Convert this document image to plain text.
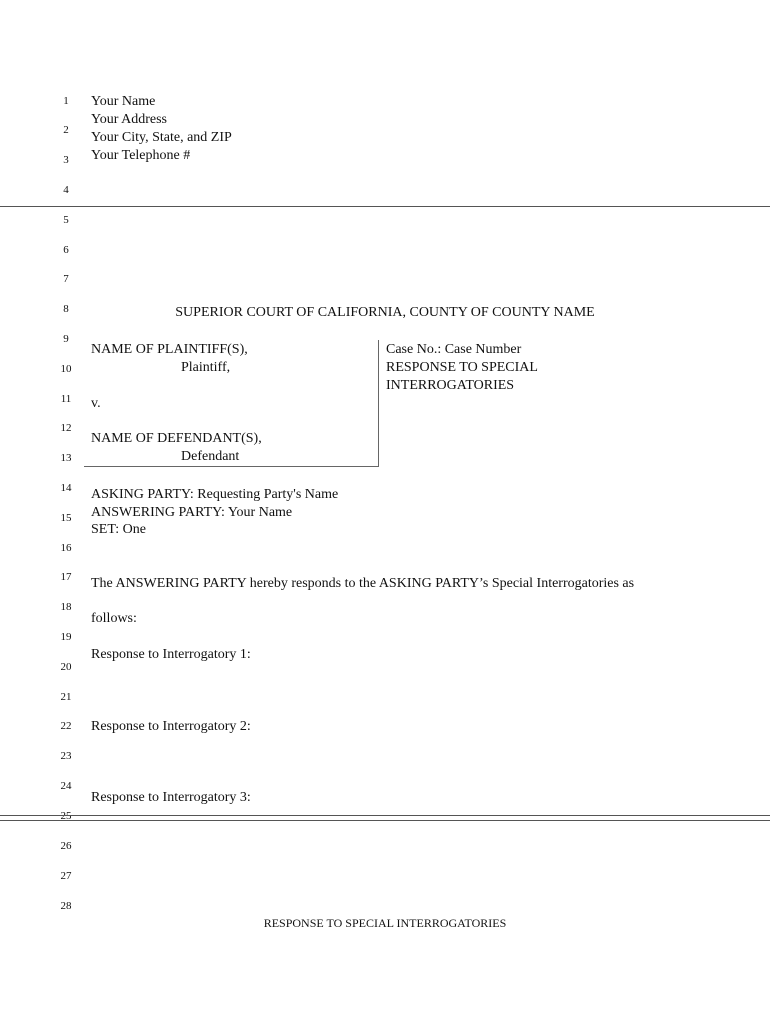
1
2
3
4
5
6
7
8
9
10
11
12
13
14
15
16
17
18
19
20
21
22
23
24
25
26
27
28
Your Name
Your Address
Your City, State, and ZIP
Your Telephone #
SUPERIOR COURT OF CALIFORNIA, COUNTY OF COUNTY NAME
NAME OF PLAINTIFF(S),
Plaintiff,
v.
NAME OF DEFENDANT(S),
Defendant
Case No.: Case Number
RESPONSE TO SPECIAL
INTERROGATORIES
ASKING PARTY: Requesting Party's Name
ANSWERING PARTY: Your Name
SET: One
The ANSWERING PARTY hereby responds to the ASKING PARTY’s Special Interrogatories as
follows:
Response to Interrogatory 1:
Response to Interrogatory 2:
Response to Interrogatory 3:
RESPONSE TO SPECIAL INTERROGATORIES
